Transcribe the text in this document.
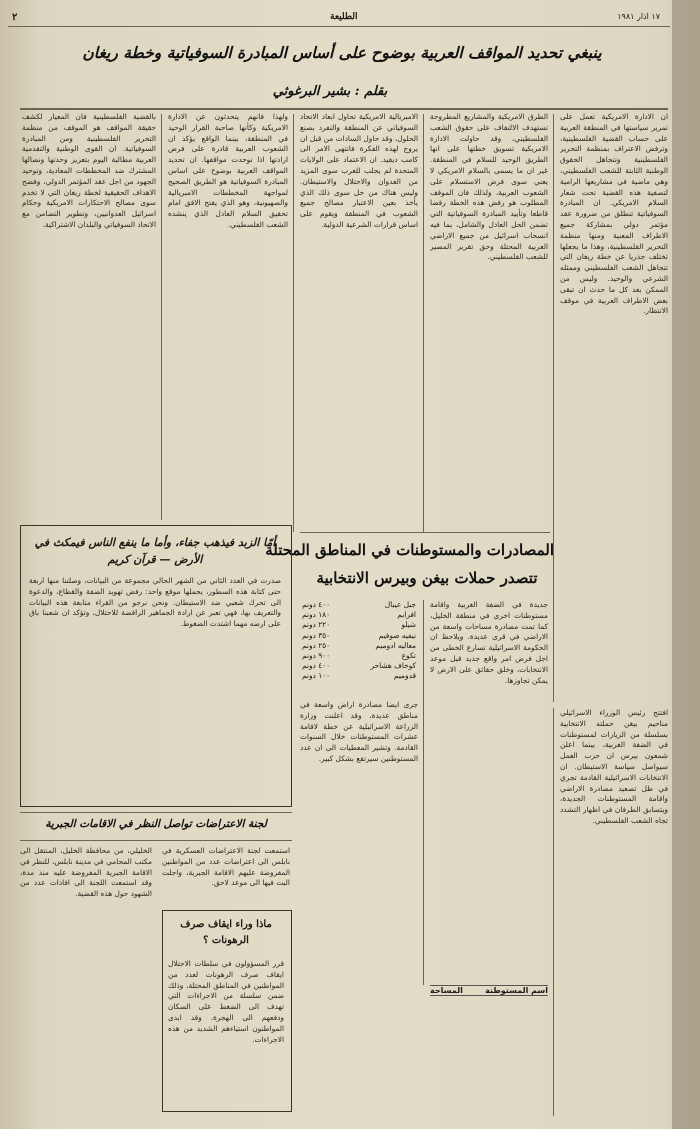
٢	الطليعة	١٧ اذار ١٩٨١
ينبغي تحديد المواقف العربية بوضوح على أساس المبادرة السوفياتية وخطة ريغان
بقلم : بشير البرغوثي
ان الادارة الامريكية تعمل على تمرير سياستها في المنطقة العربية على حساب القضية الفلسطينية، وترفض الاعتراف بمنظمة التحرير الفلسطينية وتتجاهل الحقوق الوطنية الثابتة للشعب الفلسطيني، وهي ماضية في مشاريعها الرامية لتصفية هذه القضية تحت شعار السلام الامريكي. ان المبادرة السوفياتية تنطلق من ضرورة عقد مؤتمر دولي بمشاركة جميع الاطراف المعنية ومنها منظمة التحرير الفلسطينية، وهذا ما يجعلها تختلف جذريا عن خطة ريغان التي تتجاهل الشعب الفلسطيني وممثله الشرعي والوحيد. وليس من الممكن بعد كل ما حدث ان تبقى بعض الاطراف العربية في موقف الانتظار.
الطرق الامريكية والمشاريع المطروحة تستهدف الالتفاف على حقوق الشعب الفلسطيني، وقد حاولت الادارة الامريكية تسويق خطتها على انها الطريق الوحيد للسلام في المنطقة. غير ان ما يسمى بالسلام الامريكي لا يعني سوى فرض الاستسلام على الشعوب العربية، ولذلك فان الموقف المطلوب هو رفض هذه الخطة رفضا قاطعا وتأييد المبادرة السوفياتية التي تضمن الحل العادل والشامل، بما فيه انسحاب اسرائيل من جميع الاراضي العربية المحتلة وحق تقرير المصير للشعب الفلسطيني.
الامبريالية الامريكية تحاول ابعاد الاتحاد السوفياتي عن المنطقة والتفرد بصنع الحلول، وقد حاول السادات من قبل ان يروج لهذه الفكرة فانتهى الامر الى كامب ديفيد. ان الاعتماد على الولايات المتحدة لم يجلب للعرب سوى المزيد من العدوان والاحتلال والاستيطان. وليس هناك من حل سوى ذلك الذي يأخذ بعين الاعتبار مصالح جميع الشعوب في المنطقة ويقوم على اساس قرارات الشرعية الدولية.
ولهذا فانهم يتحدثون عن الادارة الامريكية وكأنها صاحبة القرار الوحيد في المنطقة، بينما الواقع يؤكد ان الشعوب العربية قادرة على فرض ارادتها اذا توحدت مواقفها. ان تحديد المواقف العربية بوضوح على اساس المبادرة السوفياتية هو الطريق الصحيح لمواجهة المخططات الامبريالية والصهيونية، وهو الذي يفتح الافق امام تحقيق السلام العادل الذي ينشده الشعب الفلسطيني.
بالقضية الفلسطينية فان المعيار لكشف حقيقة المواقف هو الموقف من منظمة التحرير الفلسطينية ومن المبادرة السوفياتية. ان القوى الوطنية والتقدمية العربية مطالبة اليوم بتعزيز وحدتها ونضالها المشترك ضد المخططات المعادية، وتوحيد الجهود من اجل عقد المؤتمر الدولي، وفضح الاهداف الحقيقية لخطة ريغان التي لا تخدم سوى مصالح الاحتكارات الامريكية وحكام اسرائيل العدوانيين، وتطوير التضامن مع الاتحاد السوفياتي والبلدان الاشتراكية.
المصادرات والمستوطنات في المناطق المحتلة
تتصدر حملات بيغن وبيرس الانتخابية
افتتح رئيس الوزراء الاسرائيلي مناحيم بيغن حملته الانتخابية بسلسلة من الزيارات لمستوطنات في الضفة الغربية، بينما اعلن شمعون بيرس ان حزب العمل سيواصل سياسة الاستيطان. ان الانتخابات الاسرائيلية القادمة تجري في ظل تصعيد مصادرة الاراضي واقامة المستوطنات الجديدة، ويتسابق الطرفان في اظهار التشدد تجاه الشعب الفلسطيني.
جديدة في الضفة الغربية واقامة مستوطنات اخرى في منطقة الخليل، كما تمت مصادرة مساحات واسعة من الاراضي في قرى عديدة. ويلاحظ ان الحكومة الاسرائيلية تسارع الخطى من اجل فرض امر واقع جديد قبل موعد الانتخابات، وخلق حقائق على الارض لا يمكن تجاوزها.
جرى ايضا مصادرة اراض واسعة في مناطق عديدة، وقد اعلنت وزارة الزراعة الاسرائيلية عن خطة لاقامة عشرات المستوطنات خلال السنوات القادمة. وتشير المعطيات الى ان عدد المستوطنين سيرتفع بشكل كبير.
جبل عيبال	٤٠٠ دونم
افرايم	١٨٠ دونم
شيلو	٢٢٠ دونم
نيفيه صوفيم	٣٥٠ دونم
معاليه ادوميم	٢٥٠ دونم
تكوع	٩٠٠ دونم
كوخاف هشاحر	٤٠٠ دونم
قدوميم	١٠٠ دونم
اسم المستوطنة
المساحة
أمّا الزبد فيذهب جفاء، وأما ما ينفع الناس فيمكث في الأرض — قرآن كريم
صدرت في العدد الثاني من الشهر الحالي مجموعة من البيانات، وصلتنا منها اربعة حتى كتابة هذه السطور، يحملها موقع واحد: رفض تهويد الضفة والقطاع، والدعوة الى تحرك شعبي ضد الاستيطان. ونحن نرجو من القراء متابعة هذه البيانات والتعريف بها، فهي تعبر عن ارادة الجماهير الرافضة للاحتلال، وتؤكد ان شعبنا باق على ارضه مهما اشتدت الضغوط.
لجنة الاعتراضات تواصل النظر في الاقامات الجبرية
الخليلي، من محافظة الخليل، المنتقل الى مكتب المحامي في مدينة نابلس، للنظر في الاقامة الجبرية المفروضة عليه منذ مدة، وقد استمعت اللجنة الى افادات عدد من الشهود حول هذه القضية.
استمعت لجنة الاعتراضات العسكرية في نابلس الى اعتراضات عدد من المواطنين المفروضة عليهم الاقامة الجبرية، واجلت البت فيها الى موعد لاحق.
ماذا وراء ايقاف صرف الرهونات ؟
قرر المسؤولون في سلطات الاحتلال ايقاف صرف الرهونات لعدد من المواطنين في المناطق المحتلة، وذلك ضمن سلسلة من الاجراءات التي تهدف الى الضغط على السكان ودفعهم الى الهجرة. وقد ابدى المواطنون استياءهم الشديد من هذه الاجراءات.
